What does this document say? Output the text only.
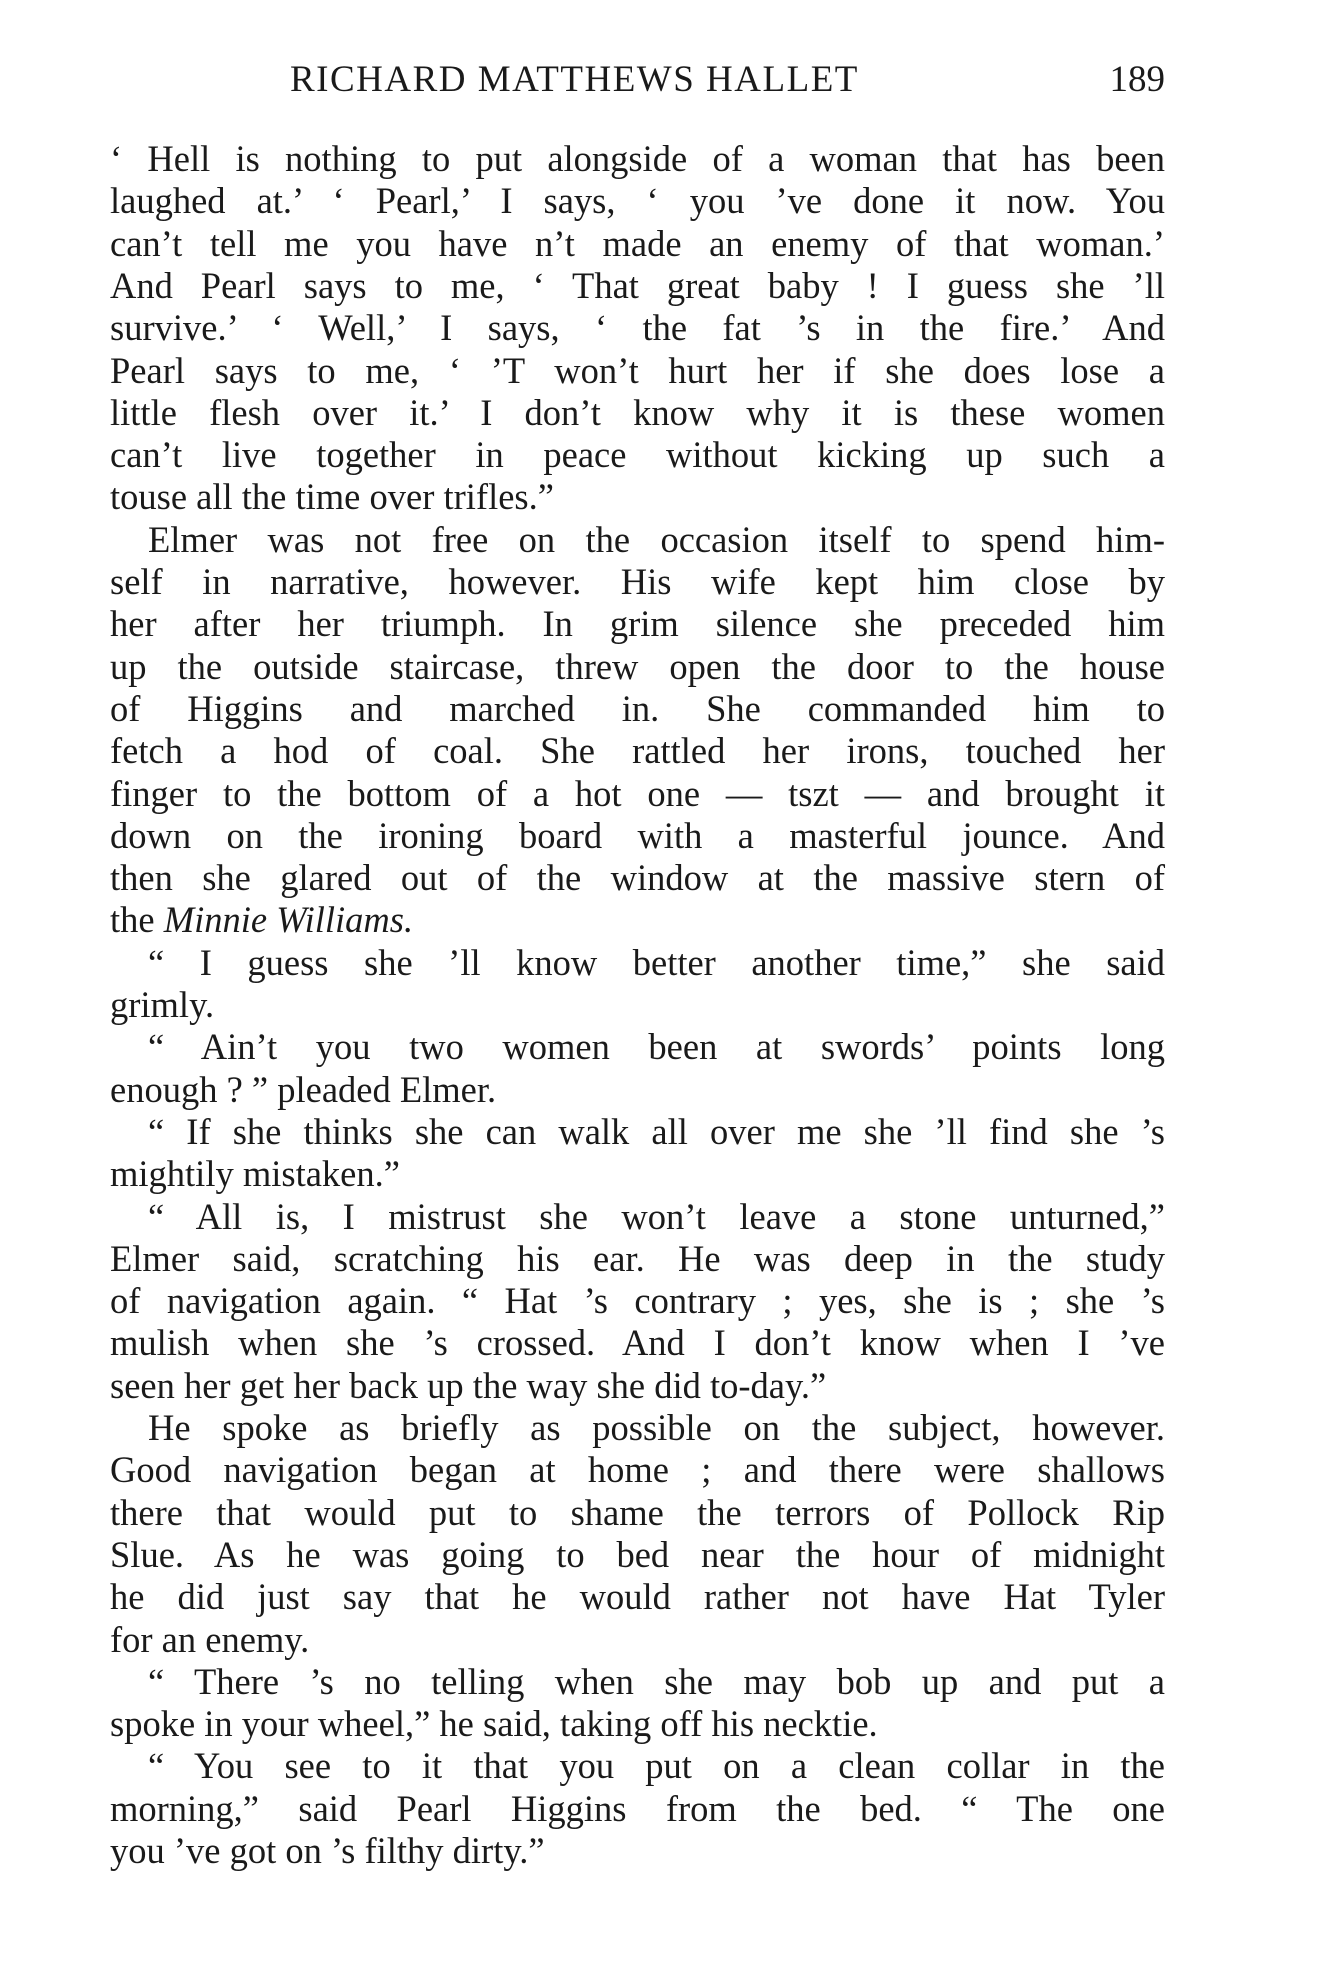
RICHARD MATTHEWS HALLET	189
‘ Hell is nothing to put alongside of a woman that has been
laughed at.’ ‘ Pearl,’ I says, ‘ you ’ve done it now. You
can’t tell me you have n’t made an enemy of that woman.’
And Pearl says to me, ‘ That great baby ! I guess she ’ll
survive.’ ‘ Well,’ I says, ‘ the fat ’s in the fire.’ And
Pearl says to me, ‘ ’T won’t hurt her if she does lose a
little flesh over it.’ I don’t know why it is these women
can’t live together in peace without kicking up such a
touse all the time over trifles.”
Elmer was not free on the occasion itself to spend him-
self in narrative, however. His wife kept him close by
her after her triumph. In grim silence she preceded him
up the outside staircase, threw open the door to the house
of Higgins and marched in. She commanded him to
fetch a hod of coal. She rattled her irons, touched her
finger to the bottom of a hot one — tszt — and brought it
down on the ironing board with a masterful jounce. And
then she glared out of the window at the massive stern of
the Minnie Williams.
“ I guess she ’ll know better another time,” she said
grimly.
“ Ain’t you two women been at swords’ points long
enough ? ” pleaded Elmer.
“ If she thinks she can walk all over me she ’ll find she ’s
mightily mistaken.”
“ All is, I mistrust she won’t leave a stone unturned,”
Elmer said, scratching his ear. He was deep in the study
of navigation again. “ Hat ’s contrary ; yes, she is ; she ’s
mulish when she ’s crossed. And I don’t know when I ’ve
seen her get her back up the way she did to-day.”
He spoke as briefly as possible on the subject, however.
Good navigation began at home ; and there were shallows
there that would put to shame the terrors of Pollock Rip
Slue. As he was going to bed near the hour of midnight
he did just say that he would rather not have Hat Tyler
for an enemy.
“ There ’s no telling when she may bob up and put a
spoke in your wheel,” he said, taking off his necktie.
“ You see to it that you put on a clean collar in the
morning,” said Pearl Higgins from the bed. “ The one
you ’ve got on ’s filthy dirty.”
